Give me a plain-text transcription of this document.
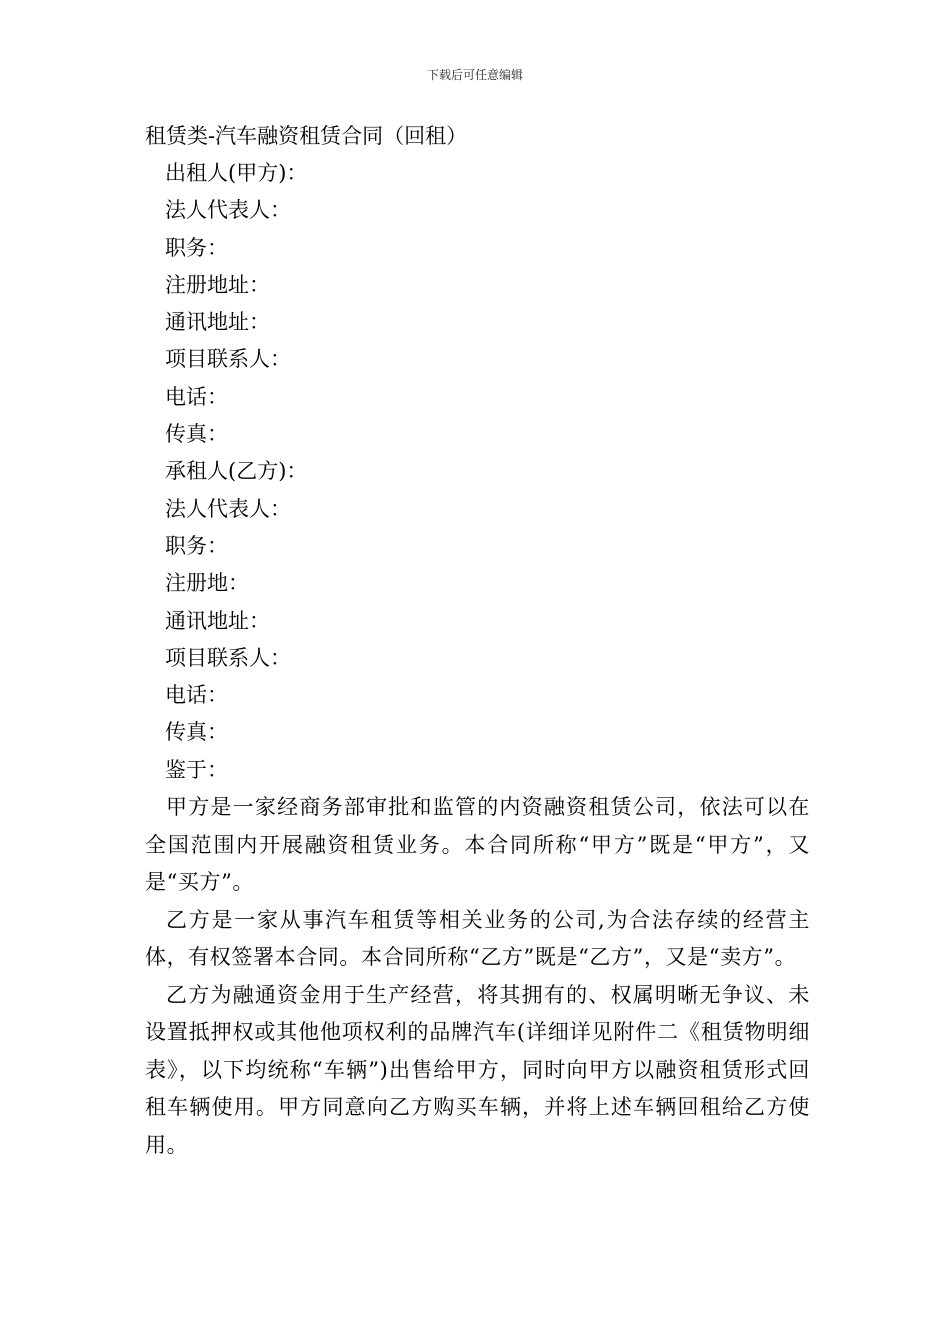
下载后可任意编辑
租赁类-汽车融资租赁合同（回租）

出租人(甲方)：

法人代表人：

职务：

注册地址：

通讯地址：

项目联系人：

电话：

传真：

承租人(乙方)：

法人代表人：

职务：

注册地：

通讯地址：

项目联系人：

电话：

传真：

鉴于：

甲方是一家经商务部审批和监管的内资融资租赁公司，依法可以在全国范围内开展融资租赁业务。本合同所称“甲方”既是“甲方”，又是“买方”。

乙方是一家从事汽车租赁等相关业务的公司,为合法存续的经营主体，有权签署本合同。本合同所称“乙方”既是“乙方”，又是“卖方”。

乙方为融通资金用于生产经营，将其拥有的、权属明晰无争议、未设置抵押权或其他他项权利的品牌汽车(详细详见附件二《租赁物明细表》，以下均统称“车辆”)出售给甲方，同时向甲方以融资租赁形式回租车辆使用。甲方同意向乙方购买车辆，并将上述车辆回租给乙方使用。
